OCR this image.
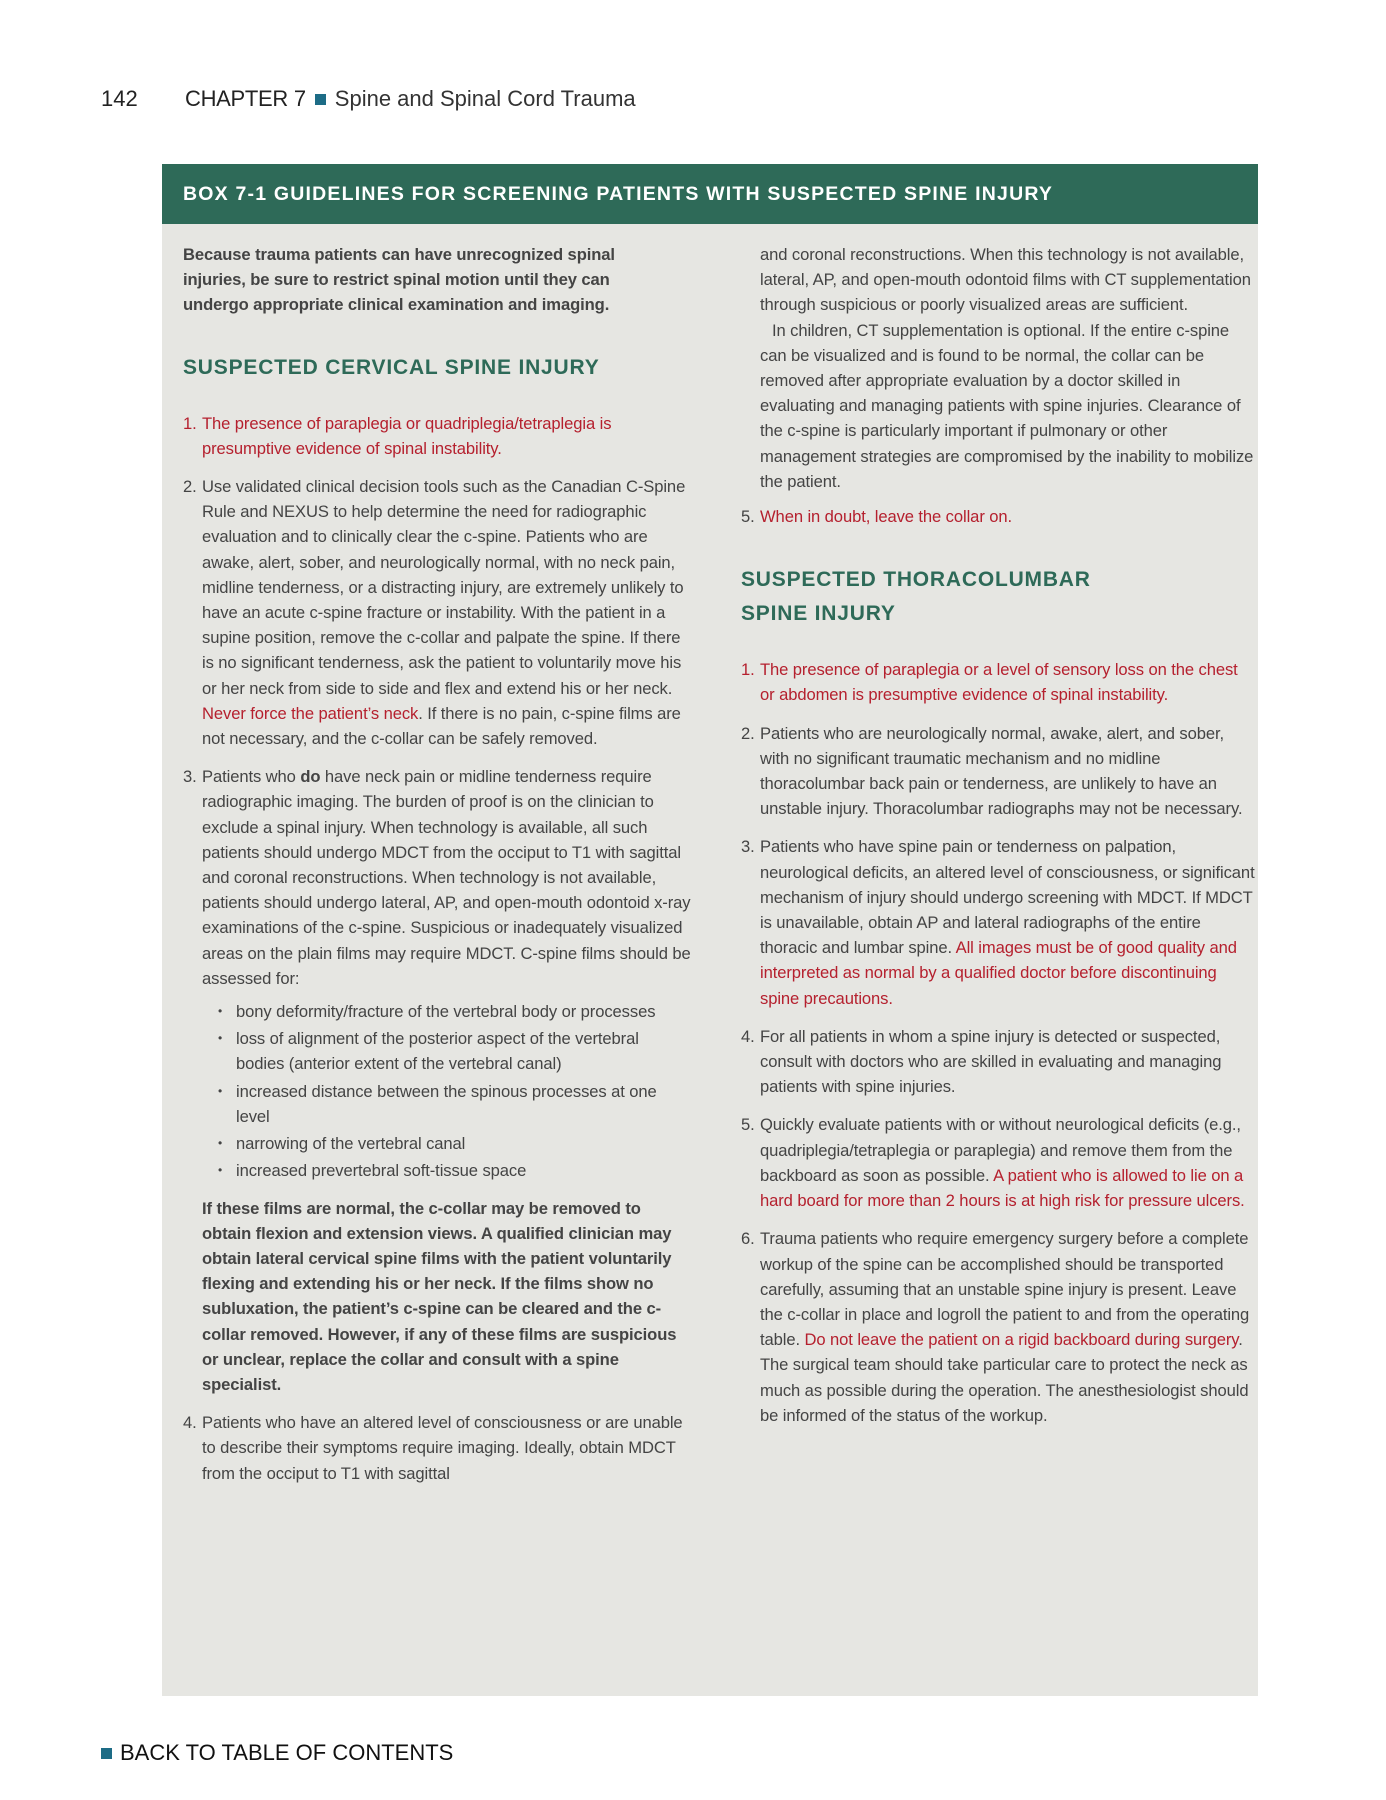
142	CHAPTER 7 Spine and Spinal Cord Trauma
BOX 7-1 GUIDELINES FOR SCREENING PATIENTS WITH SUSPECTED SPINE INJURY

Because trauma patients can have unrecognized spinal injuries, be sure to restrict spinal motion until they can undergo appropriate clinical examination and imaging.

SUSPECTED CERVICAL SPINE INJURY
1. The presence of paraplegia or quadriplegia/tetraplegia is presumptive evidence of spinal instability.
2. Use validated clinical decision tools such as the Canadian C-Spine Rule and NEXUS to help determine the need for radiographic evaluation and to clinically clear the c-spine. Patients who are awake, alert, sober, and neurologically normal, with no neck pain, midline tenderness, or a distracting injury, are extremely unlikely to have an acute c-spine fracture or instability. With the patient in a supine position, remove the c-collar and palpate the spine. If there is no significant tenderness, ask the patient to voluntarily move his or her neck from side to side and flex and extend his or her neck. Never force the patient’s neck. If there is no pain, c-spine films are not necessary, and the c-collar can be safely removed.
3. Patients who do have neck pain or midline tenderness require radiographic imaging. The burden of proof is on the clinician to exclude a spinal injury. When technology is available, all such patients should undergo MDCT from the occiput to T1 with sagittal and coronal reconstructions. When technology is not available, patients should undergo lateral, AP, and open-mouth odontoid x-ray examinations of the c-spine. Suspicious or inadequately visualized areas on the plain films may require MDCT. C-spine films should be assessed for:
• bony deformity/fracture of the vertebral body or processes
• loss of alignment of the posterior aspect of the vertebral bodies (anterior extent of the vertebral canal)
• increased distance between the spinous processes at one level
• narrowing of the vertebral canal
• increased prevertebral soft-tissue space

If these films are normal, the c-collar may be removed to obtain flexion and extension views. A qualified clinician may obtain lateral cervical spine films with the patient voluntarily flexing and extending his or her neck. If the films show no subluxation, the patient’s c-spine can be cleared and the c-collar removed. However, if any of these films are suspicious or unclear, replace the collar and consult with a spine specialist.

4. Patients who have an altered level of consciousness or are unable to describe their symptoms require imaging. Ideally, obtain MDCT from the occiput to T1 with sagittal

and coronal reconstructions. When this technology is not available, lateral, AP, and open-mouth odontoid films with CT supplementation through suspicious or poorly visualized areas are sufficient.

In children, CT supplementation is optional. If the entire c-spine can be visualized and is found to be normal, the collar can be removed after appropriate evaluation by a doctor skilled in evaluating and managing patients with spine injuries. Clearance of the c-spine is particularly important if pulmonary or other management strategies are compromised by the inability to mobilize the patient.

5. When in doubt, leave the collar on.
SUSPECTED THORACOLUMBAR SPINE INJURY
1. The presence of paraplegia or a level of sensory loss on the chest or abdomen is presumptive evidence of spinal instability.
2. Patients who are neurologically normal, awake, alert, and sober, with no significant traumatic mechanism and no midline thoracolumbar back pain or tenderness, are unlikely to have an unstable injury. Thoracolumbar radiographs may not be necessary.
3. Patients who have spine pain or tenderness on palpation, neurological deficits, an altered level of consciousness, or significant mechanism of injury should undergo screening with MDCT. If MDCT is unavailable, obtain AP and lateral radiographs of the entire thoracic and lumbar spine. All images must be of good quality and interpreted as normal by a qualified doctor before discontinuing spine precautions.
4. For all patients in whom a spine injury is detected or suspected, consult with doctors who are skilled in evaluating and managing patients with spine injuries.
5. Quickly evaluate patients with or without neurological deficits (e.g., quadriplegia/tetraplegia or paraplegia) and remove them from the backboard as soon as possible. A patient who is allowed to lie on a hard board for more than 2 hours is at high risk for pressure ulcers.
6. Trauma patients who require emergency surgery before a complete workup of the spine can be accomplished should be transported carefully, assuming that an unstable spine injury is present. Leave the c-collar in place and logroll the patient to and from the operating table. Do not leave the patient on a rigid backboard during surgery. The surgical team should take particular care to protect the neck as much as possible during the operation. The anesthesiologist should be informed of the status of the workup.
BACK TO TABLE OF CONTENTS
